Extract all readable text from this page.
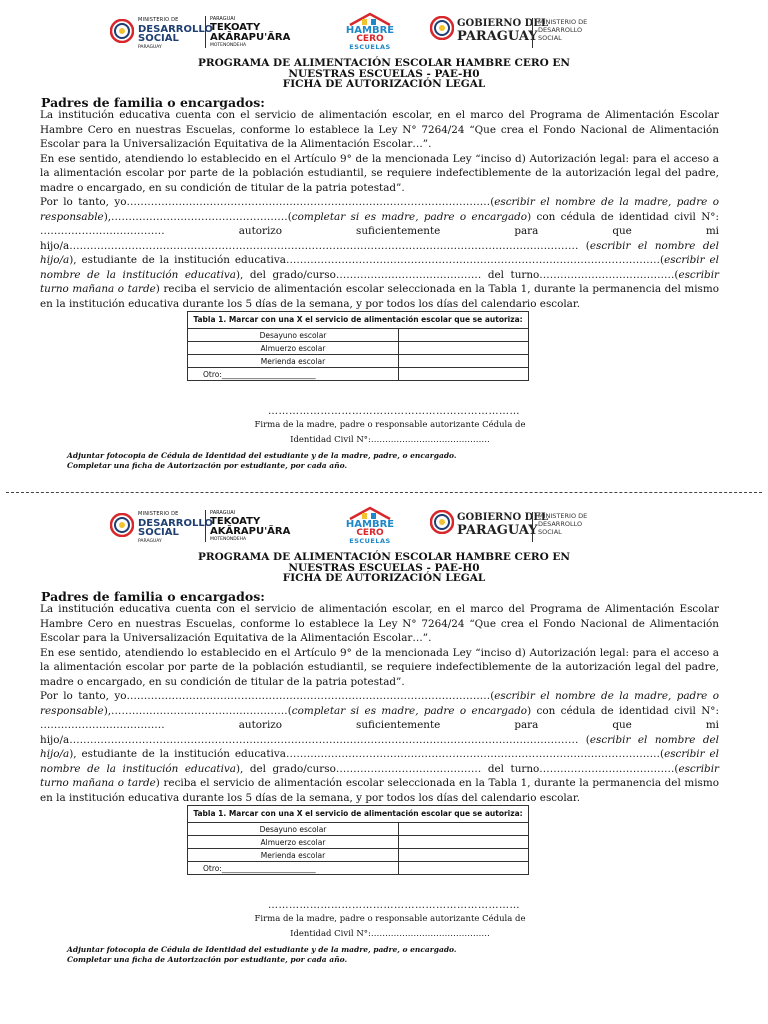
MINISTERIO DE
DESARROLLO
SOCIAL
PARAGUAY
PARAGUAI
TEKOATY
AKÃRAPU'ÃRA
MOTENONDEHA
HAMBRE
CERO
ESCUELAS
GOBIERNO DEL
PARAGUAY
MINISTERIO DE
DESARROLLO
SOCIAL
PROGRAMA DE ALIMENTACIÓN ESCOLAR HAMBRE CERO EN
NUESTRAS ESCUELAS - PAE-H0
FICHA DE AUTORIZACIÓN LEGAL
Padres de familia o encargados:

La institución educativa cuenta con el servicio de alimentación escolar, en el marco del Programa de Alimentación Escolar Hambre Cero en nuestras Escuelas, conforme lo establece la Ley N° 7264/24 “Que crea el Fondo Nacional de Alimentación Escolar para la Universalización Equitativa de la Alimentación Escolar…”.

En ese sentido, atendiendo lo establecido en el Artículo 9° de la mencionada Ley “inciso d) Autorización legal: para el acceso a la alimentación escolar por parte de la población estudiantil, se requiere indefectiblemente de la autorización legal del padre, madre o encargado, en su condición de titular de la patria potestad”.

Por lo tanto, yo……………………………………………………………………………………………(escribir el nombre de la madre, padre o responsable),……………………………………………(completar si es madre, padre o encargado) con cédula de identidad civil N°: ……………………………… autorizo suficientemente para que mi hijo/a………………………………………………………………………………………………………………………………… (escribir el nombre del hijo/a), estudiante de la institución educativa………………………………………………………………………………………………(escribir el nombre de la institución educativa), del grado/curso…………………………………… del turno…………………………………(escribir turno mañana o tarde) reciba el servicio de alimentación escolar seleccionada en la Tabla 1, durante la permanencia del mismo en la institución educativa durante los 5 días de la semana, y por todos los días del calendario escolar.

Tabla 1. Marcar con una X el servicio de alimentación escolar que se autoriza:	
Desayuno escolar	
Almuerzo escolar	
Merienda escolar	
Otro:_________________________	
………………………………………………………………
Firma de la madre, padre o responsable autorizante Cédula de
Identidad Civil N°:……………………………………
Adjuntar fotocopia de Cédula de Identidad del estudiante y de la madre, padre, o encargado.
Completar una ficha de Autorización por estudiante, por cada año.
MINISTERIO DE
DESARROLLO
SOCIAL
PARAGUAY
PARAGUAI
TEKOATY
AKÃRAPU'ÃRA
MOTENONDEHA
HAMBRE
CERO
ESCUELAS
GOBIERNO DEL
PARAGUAY
MINISTERIO DE
DESARROLLO
SOCIAL
PROGRAMA DE ALIMENTACIÓN ESCOLAR HAMBRE CERO EN
NUESTRAS ESCUELAS - PAE-H0
FICHA DE AUTORIZACIÓN LEGAL
Padres de familia o encargados:

La institución educativa cuenta con el servicio de alimentación escolar, en el marco del Programa de Alimentación Escolar Hambre Cero en nuestras Escuelas, conforme lo establece la Ley N° 7264/24 “Que crea el Fondo Nacional de Alimentación Escolar para la Universalización Equitativa de la Alimentación Escolar…”.

En ese sentido, atendiendo lo establecido en el Artículo 9° de la mencionada Ley “inciso d) Autorización legal: para el acceso a la alimentación escolar por parte de la población estudiantil, se requiere indefectiblemente de la autorización legal del padre, madre o encargado, en su condición de titular de la patria potestad”.

Por lo tanto, yo……………………………………………………………………………………………(escribir el nombre de la madre, padre o responsable),……………………………………………(completar si es madre, padre o encargado) con cédula de identidad civil N°: ……………………………… autorizo suficientemente para que mi hijo/a………………………………………………………………………………………………………………………………… (escribir el nombre del hijo/a), estudiante de la institución educativa………………………………………………………………………………………………(escribir el nombre de la institución educativa), del grado/curso…………………………………… del turno…………………………………(escribir turno mañana o tarde) reciba el servicio de alimentación escolar seleccionada en la Tabla 1, durante la permanencia del mismo en la institución educativa durante los 5 días de la semana, y por todos los días del calendario escolar.

Tabla 1. Marcar con una X el servicio de alimentación escolar que se autoriza:	
Desayuno escolar	
Almuerzo escolar	
Merienda escolar	
Otro:_________________________	
………………………………………………………………
Firma de la madre, padre o responsable autorizante Cédula de
Identidad Civil N°:……………………………………
Adjuntar fotocopia de Cédula de Identidad del estudiante y de la madre, padre, o encargado.
Completar una ficha de Autorización por estudiante, por cada año.
